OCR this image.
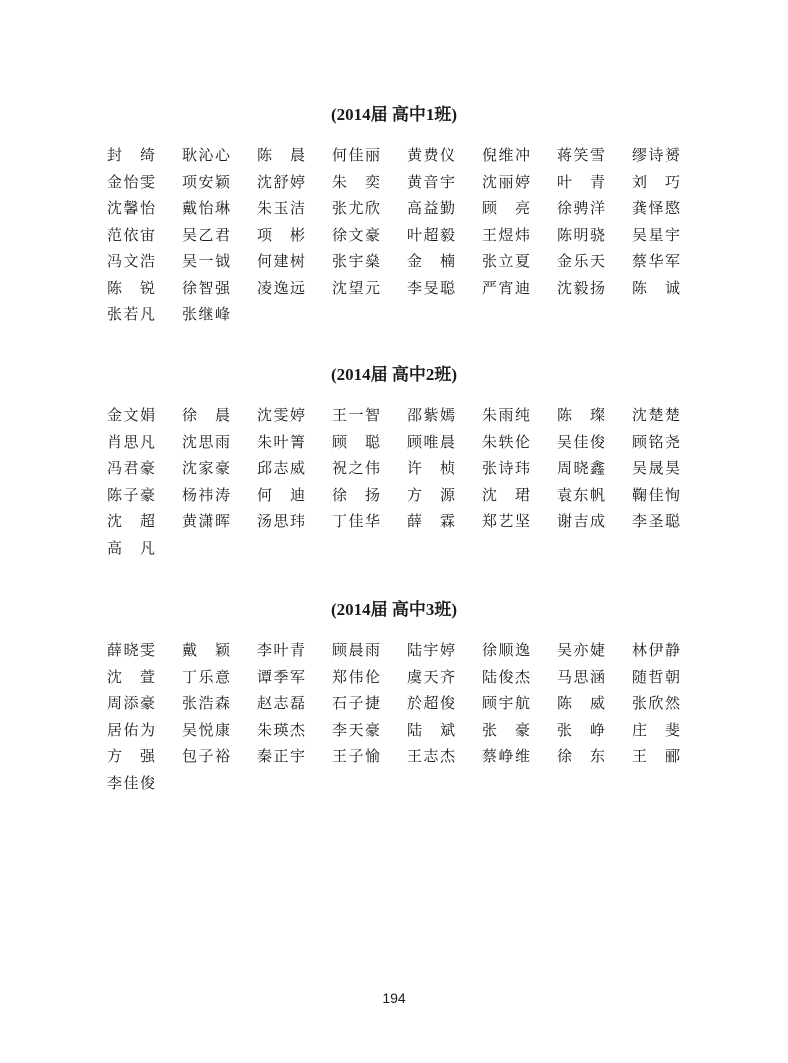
(2014届 高中1班)
封 绮 耿 沁 心 陈 晨 何 佳 丽 黄 费 仪 倪 维 冲 蒋 笑 雪 缪 诗 赟
金 怡 雯 项 安 颖 沈 舒 婷 朱 奕 黄 音 宇 沈 丽 婷 叶 青 刘 巧
沈 馨 怡 戴 怡 琳 朱 玉 洁 张 尤 欣 高 益 勤 顾 亮 徐 骋 洋 龚 怿 愍
范 依 宙 吴 乙 君 项 彬 徐 文 豪 叶 超 毅 王 煜 炜 陈 明 骁 吴 星 宇
冯 文 浩 吴 一 钺 何 建 树 张 宇 燊 金 楠 张 立 夏 金 乐 天 蔡 华 军
陈 锐 徐 智 强 凌 逸 远 沈 望 元 李 旻 聪 严 宵 迪 沈 毅 扬 陈 诚
张 若 凡 张 继 峰
(2014届 高中2班)
金 文 娟 徐 晨 沈 雯 婷 王 一 智 邵 紫 嫣 朱 雨 纯 陈 璨 沈 楚 楚
肖 思 凡 沈 思 雨 朱 叶 箐 顾 聪 顾 唯 晨 朱 轶 伦 吴 佳 俊 顾 铭 尧
冯 君 豪 沈 家 豪 邱 志 威 祝 之 伟 许 桢 张 诗 玮 周 晓 鑫 吴 晟 昊
陈 子 豪 杨 祎 涛 何 迪 徐 扬 方 源 沈 珺 袁 东 帆 鞠 佳 恂
沈 超 黄 潇 晖 汤 思 玮 丁 佳 华 薛 霖 郑 艺 坚 谢 吉 成 李 圣 聪
高 凡
(2014届 高中3班)
薛 晓 雯 戴 颖 李 叶 青 顾 晨 雨 陆 宇 婷 徐 顺 逸 吴 亦 婕 林 伊 静
沈 萱 丁 乐 意 谭 季 军 郑 伟 伦 虞 天 齐 陆 俊 杰 马 思 涵 随 哲 朝
周 添 豪 张 浩 森 赵 志 磊 石 子 捷 於 超 俊 顾 宇 航 陈 威 张 欣 然
居 佑 为 吴 悦 康 朱 瑛 杰 李 天 豪 陆 斌 张 豪 张 峥 庄 斐
方 强 包 子 裕 秦 正 宇 王 子 愉 王 志 杰 蔡 峥 维 徐 东 王 郦
李 佳 俊
194
